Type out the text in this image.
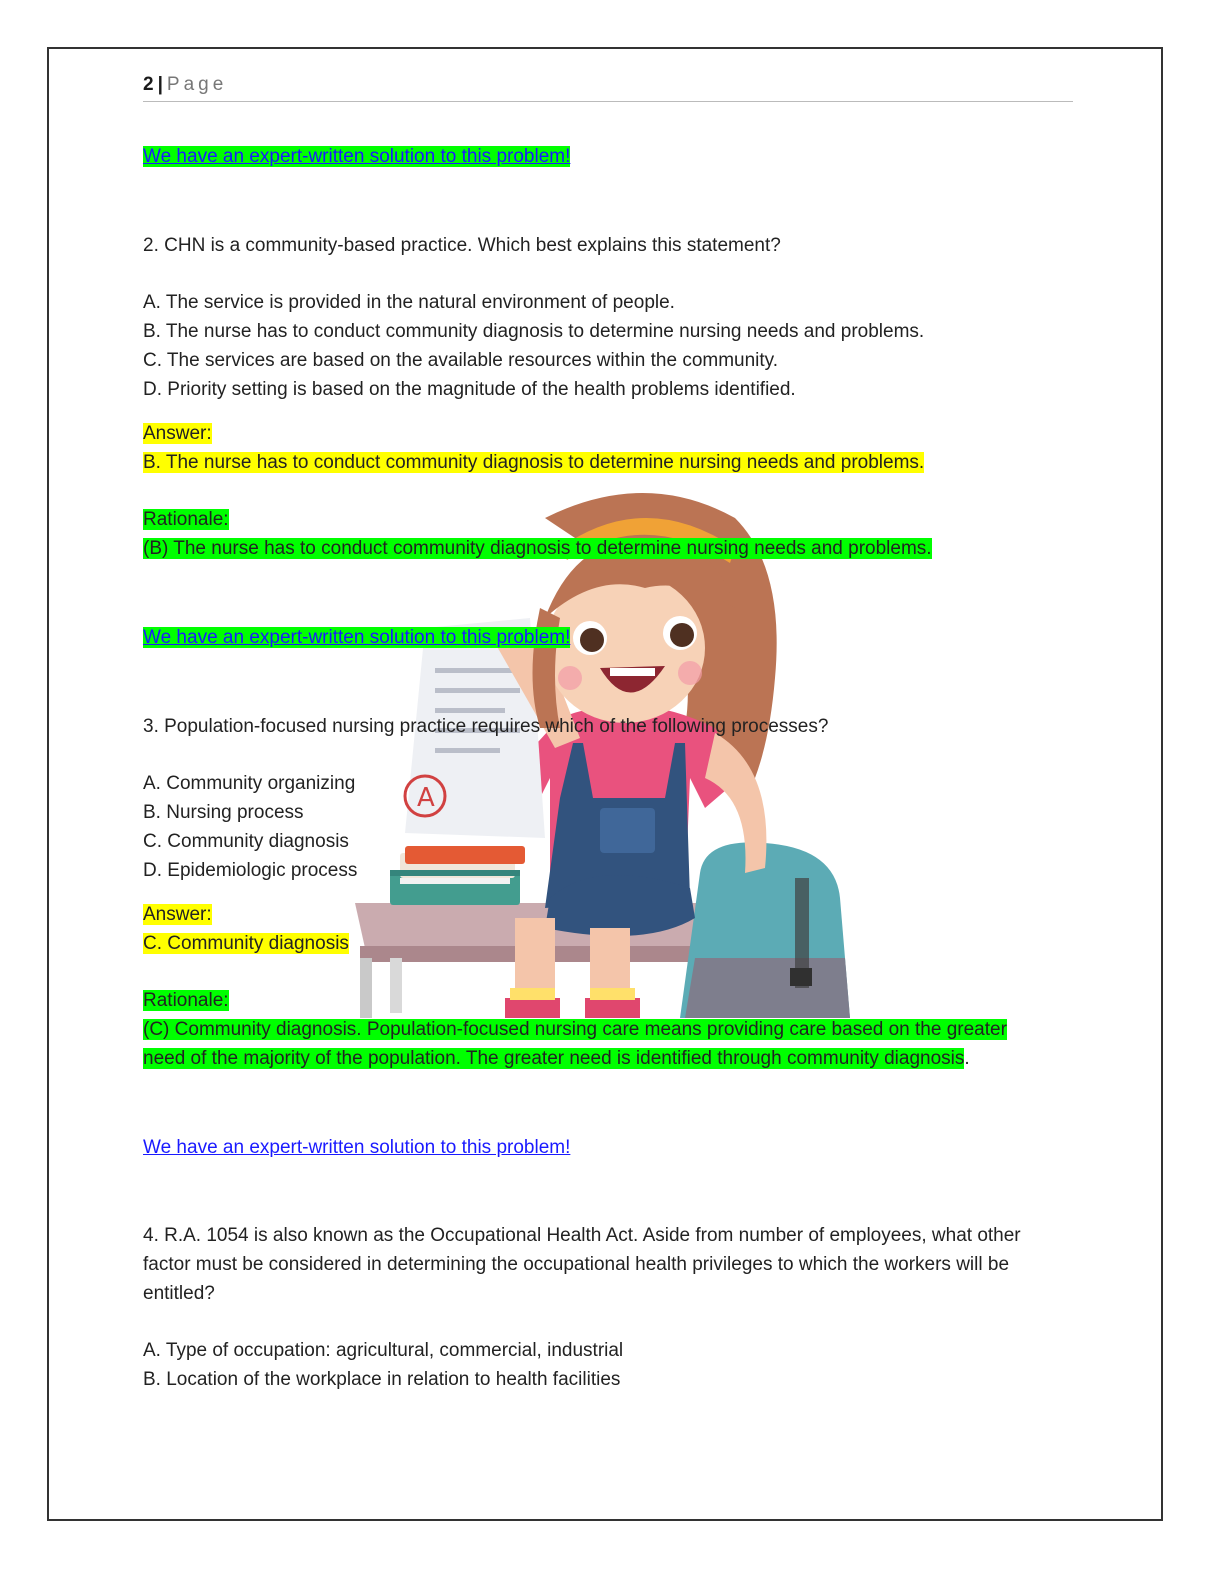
2 | Page
A
We have an expert-written solution to this problem!
2. CHN is a community-based practice. Which best explains this statement?
A. The service is provided in the natural environment of people.
B. The nurse has to conduct community diagnosis to determine nursing needs and problems.
C. The services are based on the available resources within the community.
D. Priority setting is based on the magnitude of the health problems identified.
Answer:
B. The nurse has to conduct community diagnosis to determine nursing needs and problems.
Rationale:
(B) The nurse has to conduct community diagnosis to determine nursing needs and problems.
We have an expert-written solution to this problem!
3. Population-focused nursing practice requires which of the following processes?
A. Community organizing
B. Nursing process
C. Community diagnosis
D. Epidemiologic process
Answer:
C. Community diagnosis
Rationale:
(C) Community diagnosis. Population-focused nursing care means providing care based on the greater
need of the majority of the population. The greater need is identified through community diagnosis.
We have an expert-written solution to this problem!
4. R.A. 1054 is also known as the Occupational Health Act. Aside from number of employees, what other
factor must be considered in determining the occupational health privileges to which the workers will be
entitled?
A. Type of occupation: agricultural, commercial, industrial
B. Location of the workplace in relation to health facilities
